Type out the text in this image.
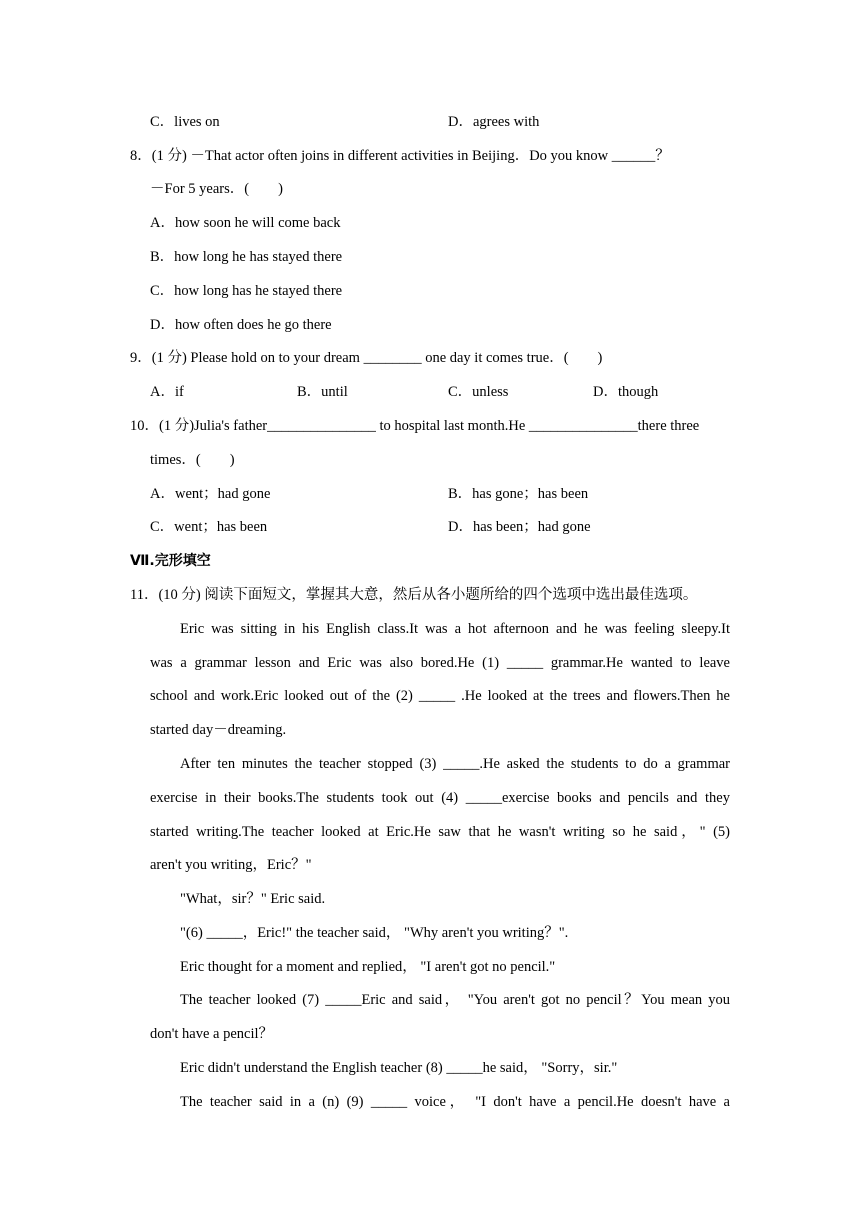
C．lives on	D．agrees with
8．(1 分) －That actor often joins in different activities in Beijing．Do you know ______？
－For 5 years．(　　)
A．how soon he will come back
B．how long he has stayed there
C．how long has he stayed there
D．how often does he go there
9．(1 分) Please hold on to your dream ________ one day it comes true．(　　)
A．if	B．until	C．unless	D．though
10．(1 分)Julia's father_______________ to hospital last month.He _______________there three
times．(　　)
A．went；had gone	B．has gone；has been
C．went；has been	D．has been；had gone
Ⅶ.完形填空
11．(10 分) 阅读下面短文，掌握其大意，然后从各小题所给的四个选项中选出最佳选项。
Eric was sitting in his English class.It was a hot afternoon and he was feeling sleepy.It
was a grammar lesson and Eric was also bored.He (1) _____ grammar.He wanted to leave
school and work.Eric looked out of the (2) _____ .He looked at the trees and flowers.Then he
started day－dreaming.
After ten minutes the teacher stopped (3) _____.He asked the students to do a grammar
exercise in their books.The students took out (4) _____exercise books and pencils and they
started writing.The teacher looked at Eric.He saw that he wasn't writing so he said，" (5)
aren't you writing，Eric？"
"What，sir？" Eric said.
"(6) _____，Eric!" the teacher said， "Why aren't you writing？".
Eric thought for a moment and replied， "I aren't got no pencil."
The teacher looked (7) _____Eric and said， "You aren't got no pencil？You mean you
don't have a pencil？
Eric didn't understand the English teacher (8) _____he said， "Sorry，sir."
The teacher said in a (n) (9) _____ voice， "I don't have a pencil.He doesn't have a
